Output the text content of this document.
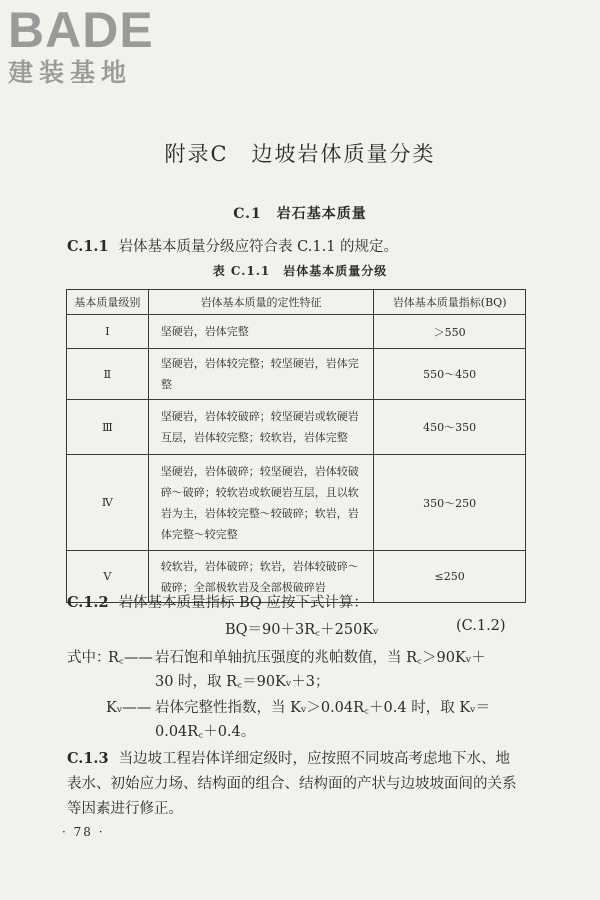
BADE
建装基地
附录C　边坡岩体质量分类
C.1　岩石基本质量
C.1.1 岩体基本质量分级应符合表 C.1.1 的规定。
表 C.1.1　岩体基本质量分级
基本质量级别	岩体基本质量的定性特征	岩体基本质量指标(BQ)
Ⅰ	坚硬岩，岩体完整	＞550
Ⅱ	坚硬岩，岩体较完整；较坚硬岩，岩体完整	550～450
Ⅲ	坚硬岩，岩体较破碎；较坚硬岩或软硬岩互层，岩体较完整；较软岩，岩体完整	450～350
Ⅳ	坚硬岩，岩体破碎；较坚硬岩，岩体较破碎～破碎；较软岩或软硬岩互层，且以软岩为主，岩体较完整～较破碎；软岩，岩体完整～较完整	350～250
Ⅴ	较软岩，岩体破碎；软岩，岩体较破碎～破碎；全部极软岩及全部极破碎岩	≤250
C.1.2 岩体基本质量指标 BQ 应按下式计算：
BQ＝90＋3R꜀＋250Kᵥ	(C.1.2)
式中：
R꜀—— 岩石饱和单轴抗压强度的兆帕数值，当 R꜀＞90Kᵥ＋
30 时，取 R꜀＝90Kᵥ＋3；
Kᵥ—— 岩体完整性指数，当 Kᵥ＞0.04R꜀＋0.4 时，取 Kᵥ＝
0.04R꜀＋0.4。
C.1.3 当边坡工程岩体详细定级时，应按照不同坡高考虑地下水、地表水、初始应力场、结构面的组合、结构面的产状与边坡坡面间的关系等因素进行修正。
· 78 ·
